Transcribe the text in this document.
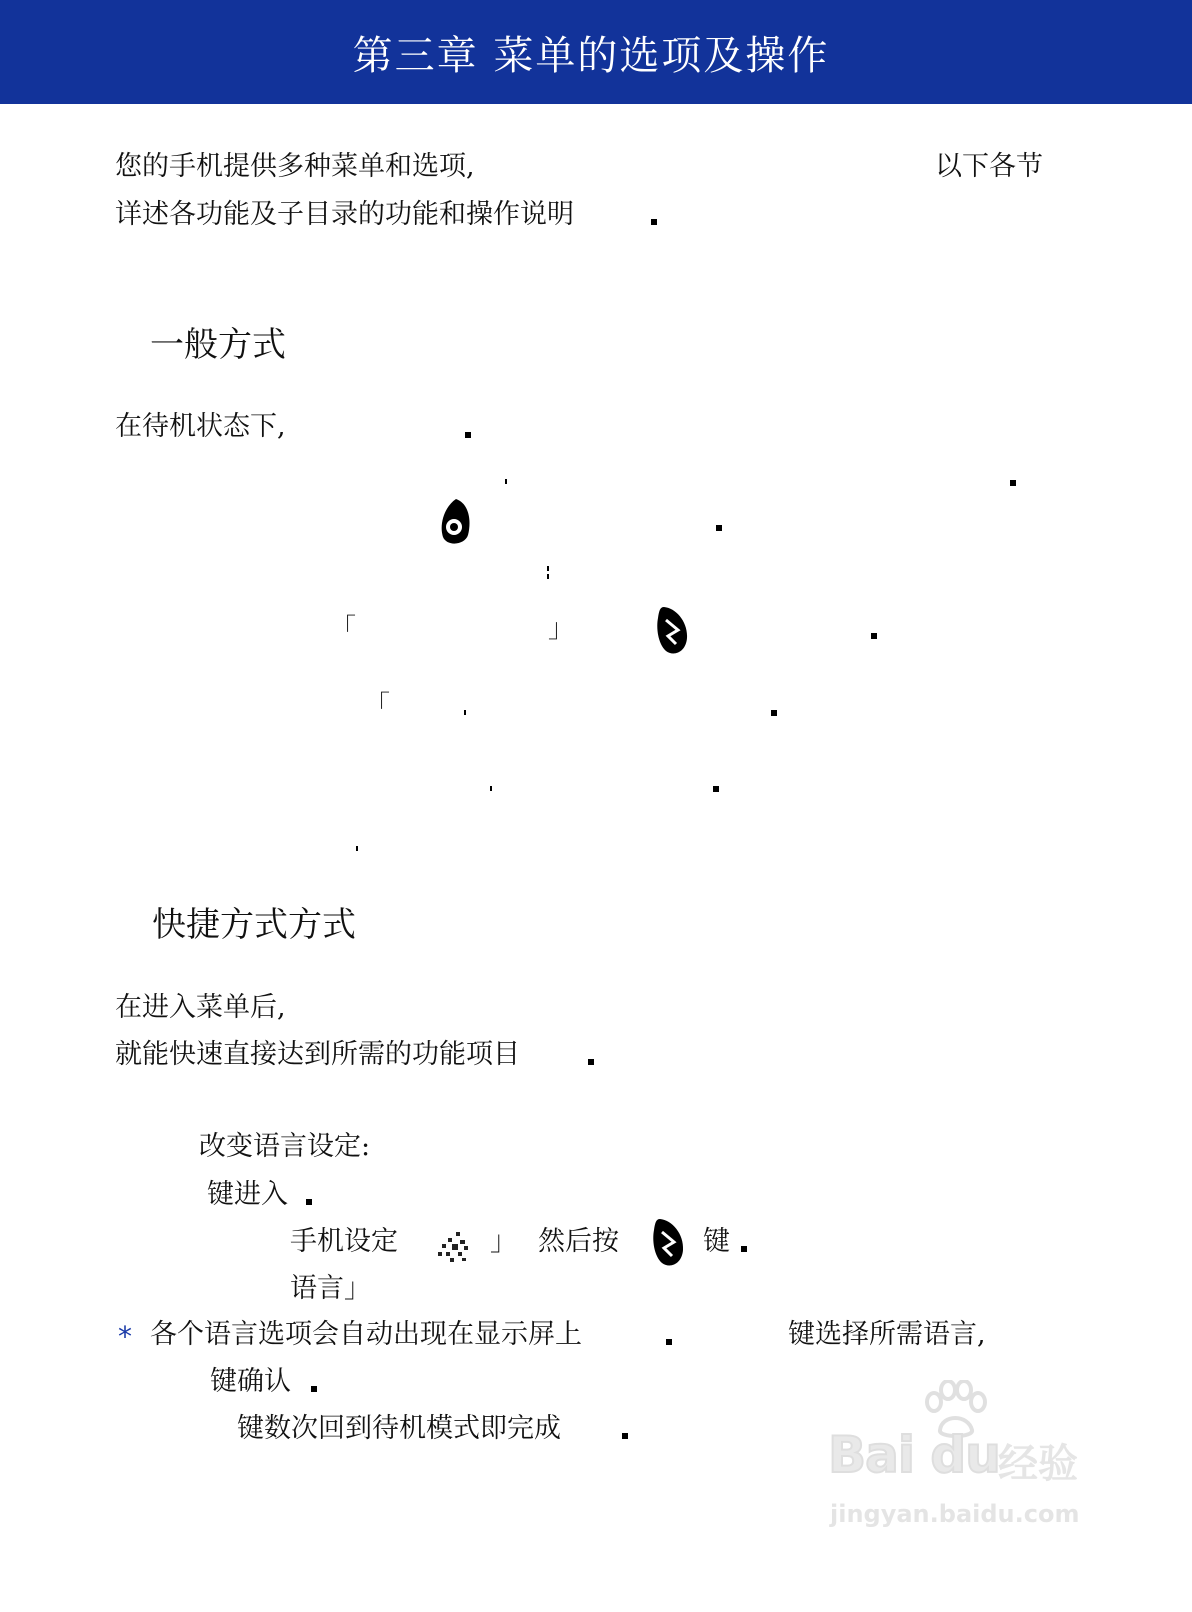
第三章 菜单的选项及操作
您的手机提供多种菜单和选项,	以下各节
详述各功能及子目录的功能和操作说明
一般方式
在待机状态下,
「	」
「
快捷方式方式
在进入菜单后,
就能快速直接达到所需的功能项目
改变语言设定:
键进入
手机设定	」 然后按	键
语言」
* 各个语言选项会自动出现在显示屏上	键选择所需语言,
键确认
键数次回到待机模式即完成	Bai du
经验
jingyan.baidu.com
